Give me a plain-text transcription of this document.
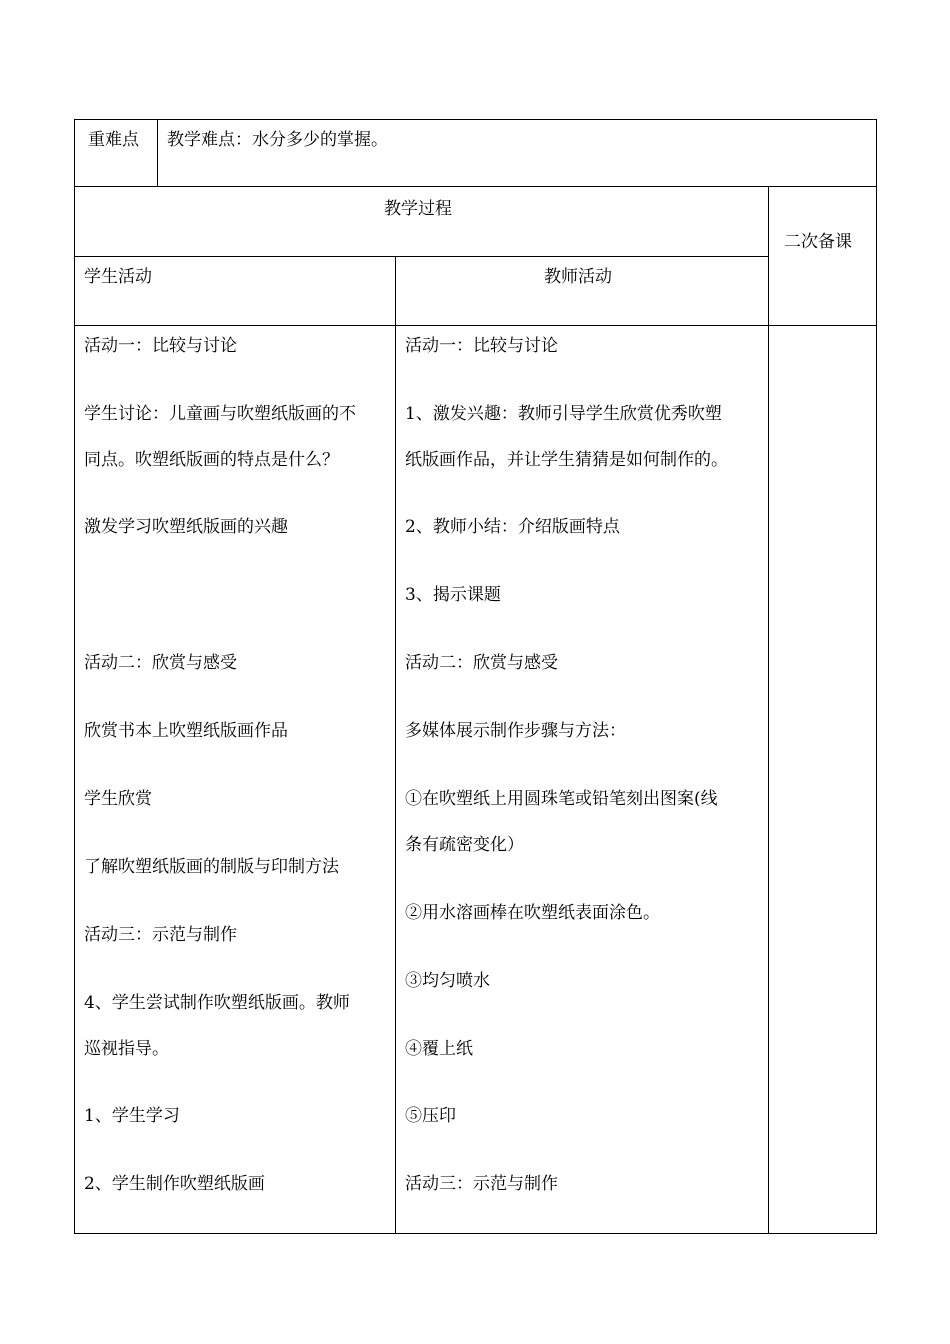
重难点 教学难点：水分多少的掌握。
教学过程
二次备课
学生活动	教师活动
活动一：比较与讨论
学生讨论：儿童画与吹塑纸版画的不
同点。吹塑纸版画的特点是什么？
激发学习吹塑纸版画的兴趣
活动二：欣赏与感受
欣赏书本上吹塑纸版画作品
学生欣赏
了解吹塑纸版画的制版与印制方法
活动三：示范与制作
4、学生尝试制作吹塑纸版画。教师
巡视指导。
1、学生学习
2、学生制作吹塑纸版画
活动一：比较与讨论
1、激发兴趣：教师引导学生欣赏优秀吹塑
纸版画作品，并让学生猜猜是如何制作的。
2、教师小结：介绍版画特点
3、揭示课题
活动二：欣赏与感受
多媒体展示制作步骤与方法：
①在吹塑纸上用圆珠笔或铅笔刻出图案(线
条有疏密变化）
②用水溶画棒在吹塑纸表面涂色。
③均匀喷水
④覆上纸
⑤压印
活动三：示范与制作
